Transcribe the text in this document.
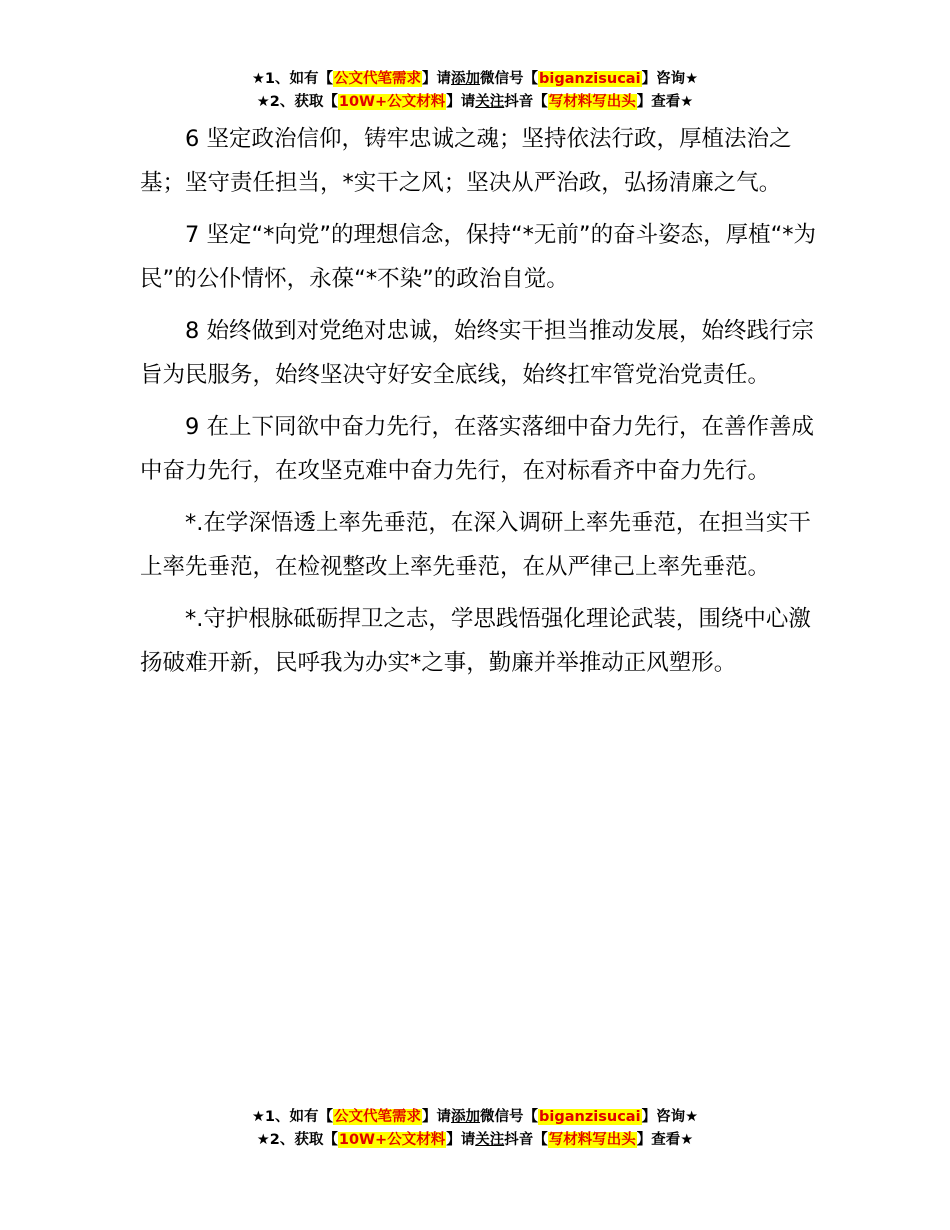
★1、如有【公文代笔需求】请添加微信号【biganzisucai】咨询★
★2、获取【10W+公文材料】请关注抖音【写材料写出头】查看★

6 坚定政治信仰，铸牢忠诚之魂；坚持依法行政，厚植法治之基；坚守责任担当，*实干之风；坚决从严治政，弘扬清廉之气。

7 坚定“*向党”的理想信念，保持“*无前”的奋斗姿态，厚植“*为民”的公仆情怀，永葆“*不染”的政治自觉。

8 始终做到对党绝对忠诚，始终实干担当推动发展，始终践行宗旨为民服务，始终坚决守好安全底线，始终扛牢管党治党责任。

9 在上下同欲中奋力先行，在落实落细中奋力先行，在善作善成中奋力先行，在攻坚克难中奋力先行，在对标看齐中奋力先行。

*.在学深悟透上率先垂范，在深入调研上率先垂范，在担当实干上率先垂范，在检视整改上率先垂范，在从严律己上率先垂范。

*.守护根脉砥砺捍卫之志，学思践悟强化理论武装，围绕中心激扬破难开新，民呼我为办实*之事，勤廉并举推动正风塑形。

★1、如有【公文代笔需求】请添加微信号【biganzisucai】咨询★
★2、获取【10W+公文材料】请关注抖音【写材料写出头】查看★
